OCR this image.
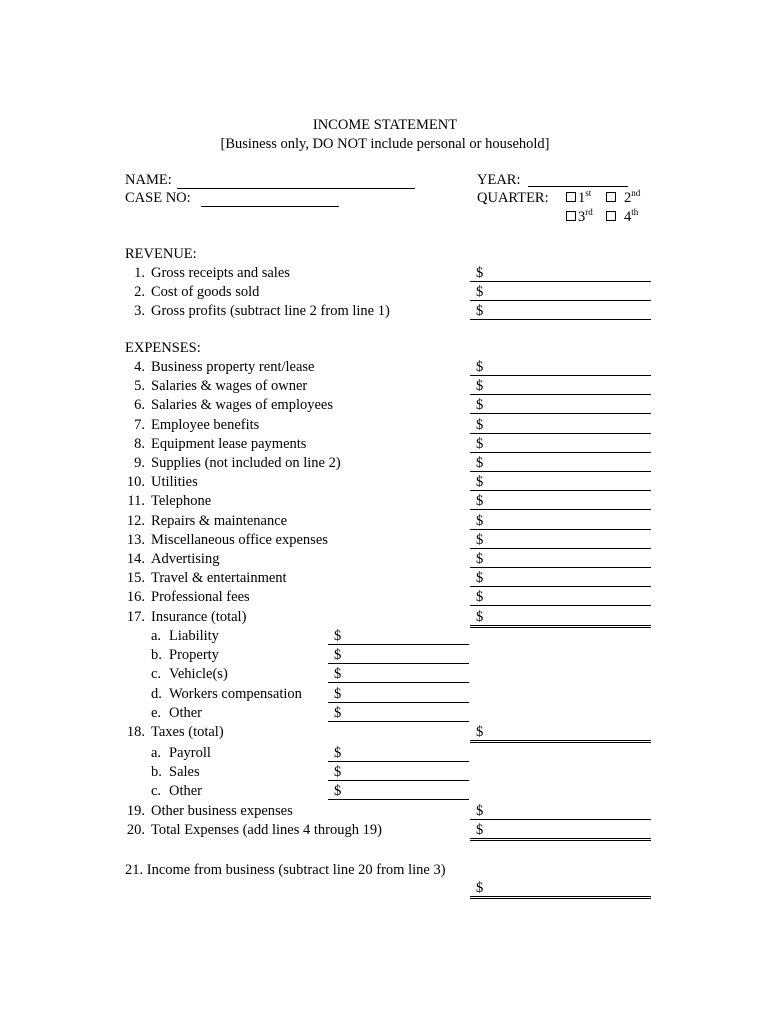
INCOME STATEMENT
[Business only, DO NOT include personal or household]
NAME:
CASE NO:
YEAR:
QUARTER:	1st	2nd
3rd	4th
REVENUE:
1. Gross receipts and sales	$
2. Cost of goods sold	$
3. Gross profits (subtract line 2 from line 1)	$
EXPENSES:
4. Business property rent/lease	$
5. Salaries & wages of owner	$
6. Salaries & wages of employees	$
7. Employee benefits	$
8. Equipment lease payments	$
9. Supplies (not included on line 2)	$
10. Utilities	$
11. Telephone	$
12. Repairs & maintenance	$
13. Miscellaneous office expenses	$
14. Advertising	$
15. Travel & entertainment	$
16. Professional fees	$
17. Insurance (total)	$
a. Liability	$
b. Property	$
c. Vehicle(s)	$
d. Workers compensation $
e. Other	$
18. Taxes (total)	$
a. Payroll	$
b. Sales	$
c. Other	$
19. Other business expenses	$
20. Total Expenses (add lines 4 through 19)	$
21. Income from business (subtract line 20 from line 3)
$
